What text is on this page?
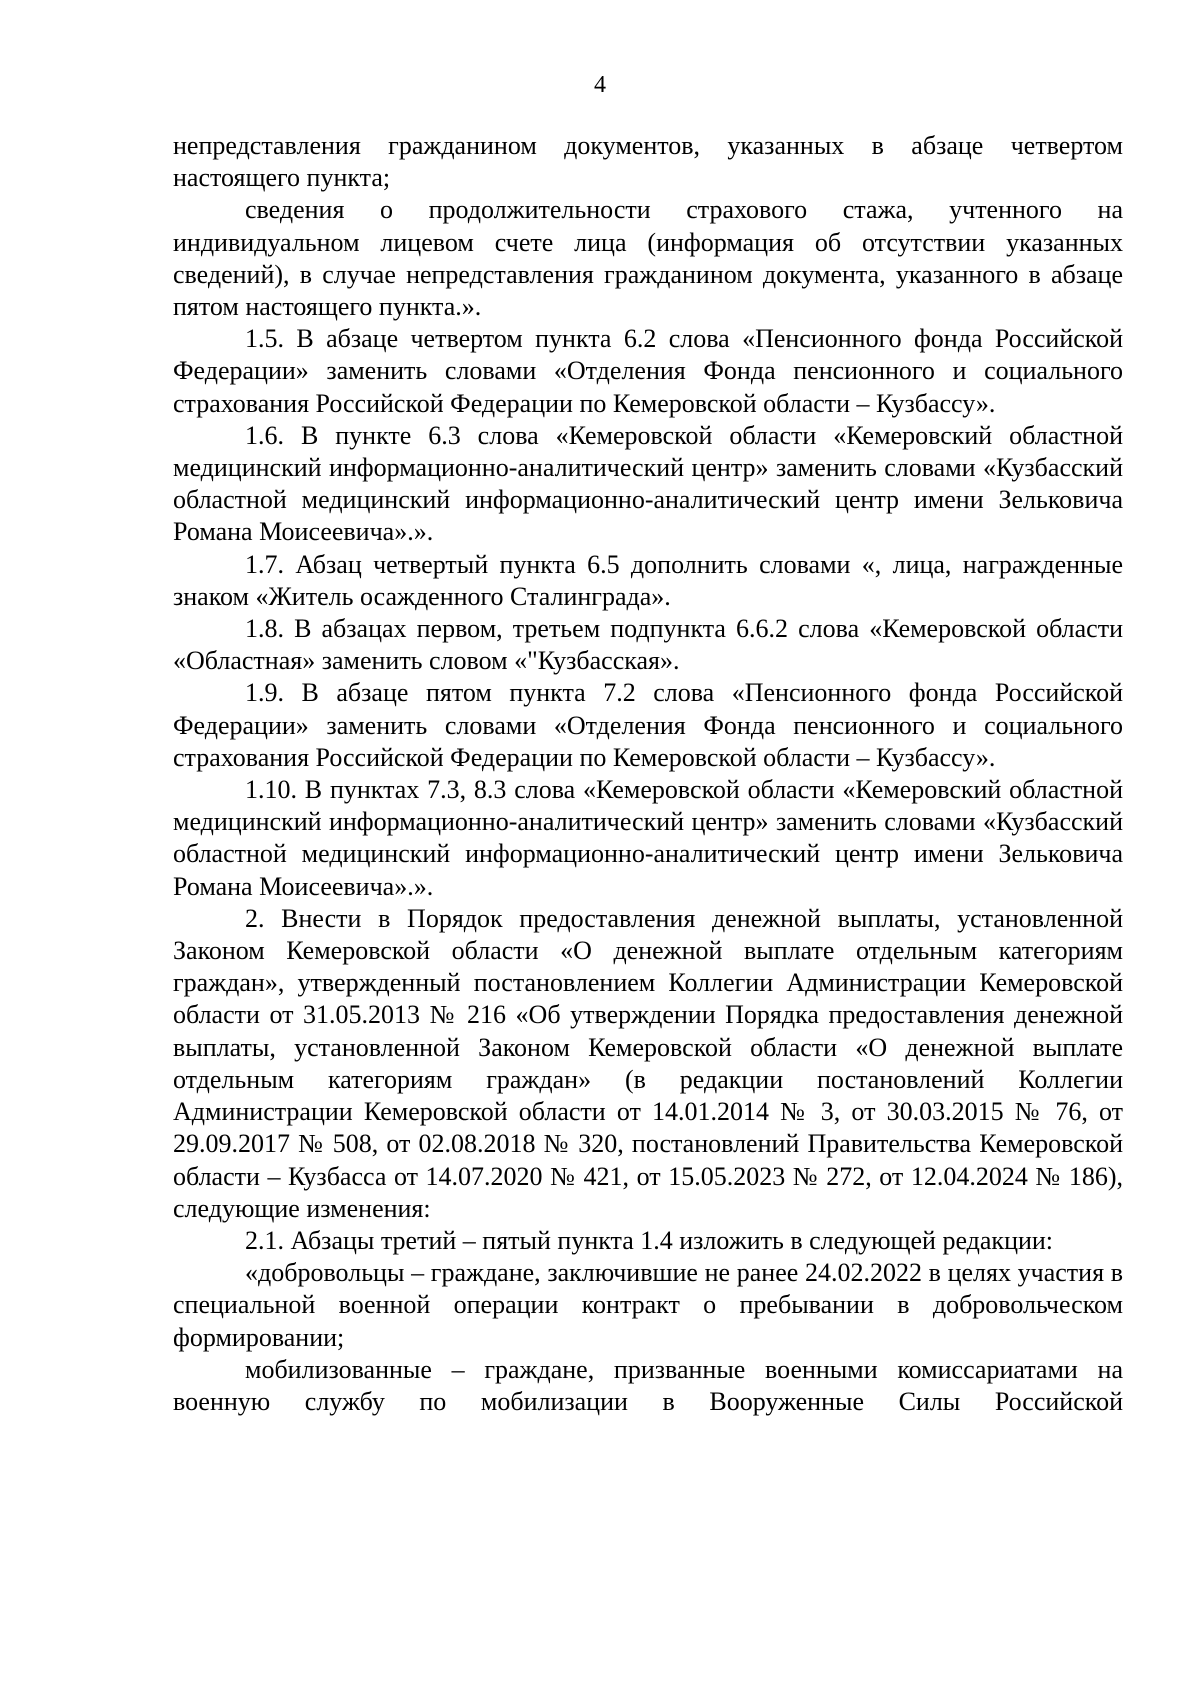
4

непредставления гражданином документов, указанных в абзаце четвертом настоящего пункта;

сведения о продолжительности страхового стажа, учтенного на индивидуальном лицевом счете лица (информация об отсутствии указанных сведений), в случае непредставления гражданином документа, указанного в абзаце пятом настоящего пункта.».

1.5. В абзаце четвертом пункта 6.2 слова «Пенсионного фонда Российской Федерации» заменить словами «Отделения Фонда пенсионного и социального страхования Российской Федерации по Кемеровской области – Кузбассу».

1.6. В пункте 6.3 слова «Кемеровской области «Кемеровский областной медицинский информационно-аналитический центр» заменить словами «Кузбасский областной медицинский информационно-аналитический центр имени Зельковича Романа Моисеевича».».

1.7. Абзац четвертый пункта 6.5 дополнить словами «, лица, награжденные знаком «Житель осажденного Сталинграда».

1.8. В абзацах первом, третьем подпункта 6.6.2 слова «Кемеровской области «Областная» заменить словом «"Кузбасская».

1.9. В абзаце пятом пункта 7.2 слова «Пенсионного фонда Российской Федерации» заменить словами «Отделения Фонда пенсионного и социального страхования Российской Федерации по Кемеровской области – Кузбассу».

1.10. В пунктах 7.3, 8.3 слова «Кемеровской области «Кемеровский областной медицинский информационно-аналитический центр» заменить словами «Кузбасский областной медицинский информационно-аналитический центр имени Зельковича Романа Моисеевича».».

2. Внести в Порядок предоставления денежной выплаты, установленной Законом Кемеровской области «О денежной выплате отдельным категориям граждан», утвержденный постановлением Коллегии Администрации Кемеровской области от 31.05.2013 № 216 «Об утверждении Порядка предоставления денежной выплаты, установленной Законом Кемеровской области «О денежной выплате отдельным категориям граждан» (в редакции постановлений Коллегии Администрации Кемеровской области от 14.01.2014 № 3, от 30.03.2015 № 76, от 29.09.2017 № 508, от 02.08.2018 № 320, постановлений Правительства Кемеровской области – Кузбасса от 14.07.2020 № 421, от 15.05.2023 № 272, от 12.04.2024 № 186), следующие изменения:

2.1. Абзацы третий – пятый пункта 1.4 изложить в следующей редакции:

«добровольцы – граждане, заключившие не ранее 24.02.2022 в целях участия в специальной военной операции контракт о пребывании в добровольческом формировании;

мобилизованные – граждане, призванные военными комиссариатами на военную службу по мобилизации в Вооруженные Силы Российской
